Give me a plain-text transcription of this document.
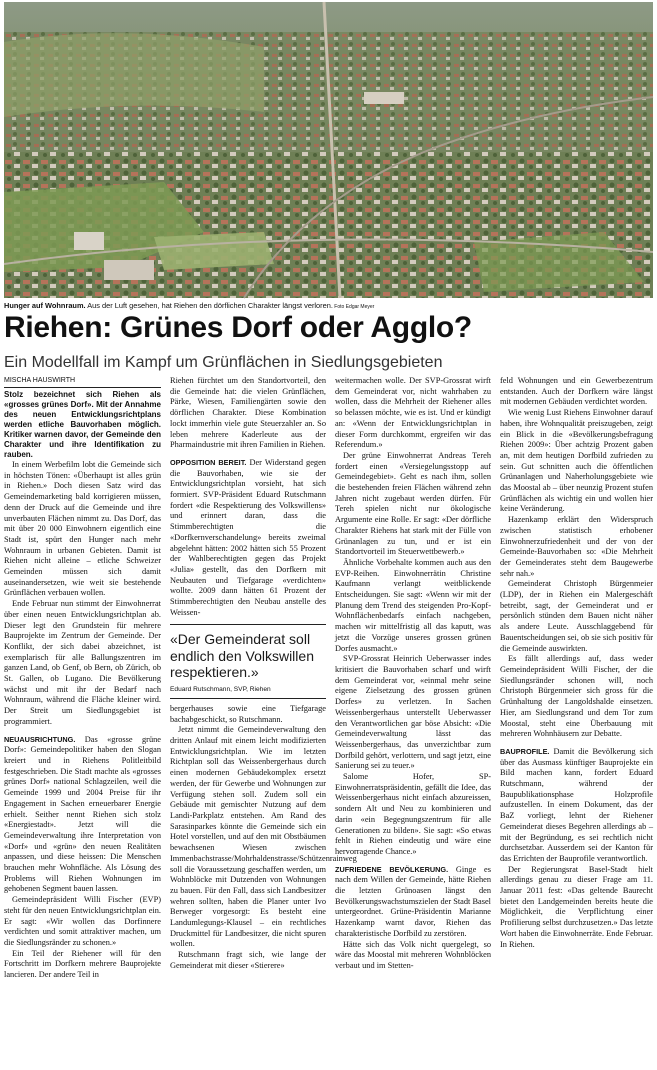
Hunger auf Wohnraum. Aus der Luft gesehen, hat Riehen den dörflichen Charakter längst verloren. Foto Edgar Meyer
Riehen: Grünes Dorf oder Agglo?
Ein Modellfall im Kampf um Grünflächen in Siedlungsgebieten
MISCHA HAUSWIRTH

Stolz bezeichnet sich Riehen als «grosses grünes Dorf». Mit der Annahme des neuen Entwicklungsrichtplans werden etliche Bauvorhaben möglich. Kritiker warnen davor, der Gemeinde den Charakter und ihre Identifikation zu rauben.

In einem Werbefilm lobt die Gemeinde sich in höchsten Tönen: «Überhaupt ist alles grün in Riehen.» Doch diesen Satz wird das Gemeindemarketing bald korrigieren müssen, denn der Druck auf die Gemeinde und ihre unverbauten Flächen nimmt zu. Das Dorf, das mit über 20 000 Einwohnern eigentlich eine Stadt ist, spürt den Hunger nach mehr Wohnraum in urbanen Gebieten. Damit ist Riehen nicht alleine – etliche Schweizer Gemeinden müssen sich damit auseinandersetzen, wie weit sie bestehende Grünflächen verbauen wollen.

Ende Februar nun stimmt der Einwohnerrat über einen neuen Entwicklungsrichtplan ab. Dieser legt den Grundstein für mehrere Bauprojekte im Zentrum der Gemeinde. Der Konflikt, der sich dabei abzeichnet, ist exemplarisch für alle Ballungszentren im ganzen Land, ob Genf, ob Bern, ob Zürich, ob St. Gallen, ob Lugano. Die Bevölkerung wächst und mit ihr der Bedarf nach Wohnraum, während die Fläche kleiner wird. Der Streit um Siedlungsgebiet ist programmiert.

NEUAUSRICHTUNG. Das «grosse grüne Dorf»: Gemeindepolitiker haben den Slogan kreiert und in Riehens Politleitbild festgeschrieben. Die Stadt machte als «grosses grünes Dorf» national Schlagzeilen, weil die Gemeinde 1999 und 2004 Preise für ihr Engagement in Sachen erneuerbarer Energie erhielt. Seither nennt Riehen sich stolz «Energiestadt». Jetzt will die Gemeindeverwaltung ihre Interpretation von «Dorf» und «grün» den neuen Realitäten anpassen, und diese heissen: Die Menschen brauchen mehr Wohnfläche. Als Lösung des Problems will Riehen Wohnungen im gehobenen Segment bauen lassen.

Gemeindepräsident Willi Fischer (EVP) steht für den neuen Entwicklungsrichtplan ein. Er sagt: «Wir wollen das Dorfinnere verdichten und somit attraktiver machen, um die Siedlungsränder zu schonen.»

Ein Teil der Riehener will für den Fortschritt im Dorfkern mehrere Bauprojekte lancieren. Der andere Teil in

Riehen fürchtet um den Standortvorteil, den die Gemeinde hat: die vielen Grünflächen, Pärke, Wiesen, Familiengärten sowie den dörflichen Charakter. Diese Kombination lockt immerhin viele gute Steuerzahler an. So leben mehrere Kaderleute aus der Pharmaindustrie mit ihren Familien in Riehen.

OPPOSITION BEREIT. Der Widerstand gegen die Bauvorhaben, wie sie der Entwicklungsrichtplan vorsieht, hat sich formiert. SVP-Präsident Eduard Rutschmann fordert «die Respektierung des Volkswillens» und erinnert daran, dass die Stimmberechtigten die «Dorfkernverschandelung» bereits zweimal abgelehnt hätten: 2002 hätten sich 55 Prozent der Wahlberechtigten gegen das Projekt «Julia» gestellt, das den Dorfkern mit Neubauten und Tiefgarage «verdichten» wollte. 2009 dann hätten 61 Prozent der Stimmberechtigten den Neubau anstelle des Weissen-

«Der Gemeinderat soll endlich den Volkswillen respektieren.»
Eduard Rutschmann, SVP, Riehen

bergerhauses sowie eine Tiefgarage bachabgeschickt, so Rutschmann.

Jetzt nimmt die Gemeindeverwaltung den dritten Anlauf mit einem leicht modifizierten Entwicklungsrichtplan. Wie im letzten Richtplan soll das Weissenbergerhaus durch einen modernen Gebäudekomplex ersetzt werden, der für Gewerbe und Wohnungen zur Verfügung stehen soll. Zudem soll ein Gebäude mit gemischter Nutzung auf dem Landi-Parkplatz entstehen. Am Rand des Sarasinparkes könnte die Gemeinde sich ein Hotel vorstellen, und auf den mit Obstbäumen bewachsenen Wiesen zwischen Immenbachstrasse/Mohrhaldenstrasse/Schützenrainweg soll die Voraussetzung geschaffen werden, um Wohnblöcke mit Dutzenden von Wohnungen zu bauen. Für den Fall, dass sich Landbesitzer wehren sollten, haben die Planer unter Ivo Berweger vorgesorgt: Es besteht eine Landumlegungs-Klausel – ein rechtliches Druckmittel für Landbesitzer, die nicht spuren wollen.

Rutschmann fragt sich, wie lange der Gemeinderat mit dieser «Stierere»

weitermachen wolle. Der SVP-Grossrat wirft dem Gemeinderat vor, nicht wahrhaben zu wollen, dass die Mehrheit der Riehener alles so belassen möchte, wie es ist. Und er kündigt an: «Wenn der Entwicklungsrichtplan in dieser Form durchkommt, ergreifen wir das Referendum.»

Der grüne Einwohnerrat Andreas Tereh fordert einen «Versiegelungsstopp auf Gemeindegebiet». Geht es nach ihm, sollen die bestehenden freien Flächen während zehn Jahren nicht zugebaut werden dürfen. Für Tereh spielen nicht nur ökologische Argumente eine Rolle. Er sagt: «Der dörfliche Charakter Riehens hat stark mit der Fülle von Grünanlagen zu tun, und er ist ein Standortvorteil im Steuerwettbewerb.»

Ähnliche Vorbehalte kommen auch aus den EVP-Reihen. Einwohnerrätin Christine Kaufmann verlangt weitblickende Entscheidungen. Sie sagt: «Wenn wir mit der Planung dem Trend des steigenden Pro-Kopf-Wohnflächenbedarfs einfach nachgeben, machen wir mittelfristig all das kaputt, was jetzt die Vorzüge unseres grossen grünen Dorfes ausmacht.»

SVP-Grossrat Heinrich Ueberwasser indes kritisiert die Bauvorhaben scharf und wirft dem Gemeinderat vor, «einmal mehr seine eigene Zielsetzung des grossen grünen Dorfes» zu verletzen. In Sachen Weissenbergerhaus unterstellt Ueberwasser den Verantwortlichen gar böse Absicht: «Die Gemeindeverwaltung lässt das Weissenbergerhaus, das unverzichtbar zum Dorfbild gehört, verlottern, und sagt jetzt, eine Sanierung sei zu teuer.»

Salome Hofer, SP-Einwohnerratspräsidentin, gefällt die Idee, das Weissenbergerhaus nicht einfach abzureissen, sondern Alt und Neu zu kombinieren und darin «ein Begegnungszentrum für alle Generationen zu bilden». Sie sagt: «So etwas fehlt in Riehen eindeutig und wäre eine hervorragende Chance.»

ZUFRIEDENE BEVÖLKERUNG. Ginge es nach dem Willen der Gemeinde, hätte Riehen die letzten Grünoasen längst den Bevölkerungswachstumszielen der Stadt Basel untergeordnet. Grüne-Präsidentin Marianne Hazenkamp warnt davor, Riehen das charakteristische Dorfbild zu zerstören.

Hätte sich das Volk nicht quergelegt, so wäre das Moostal mit mehreren Wohnblöcken verbaut und im Stetten-

feld Wohnungen und ein Gewerbezentrum entstanden. Auch der Dorfkern wäre längst mit modernen Gebäuden verdichtet worden.

Wie wenig Lust Riehens Einwohner darauf haben, ihre Wohnqualität preiszugeben, zeigt ein Blick in die «Bevölkerungsbefragung Riehen 2009»: Über achtzig Prozent gaben an, mit dem heutigen Dorfbild zufrieden zu sein. Gut schnitten auch die öffentlichen Grünanlagen und Naherholungsgebiete wie das Moostal ab – über neunzig Prozent stufen Grünflächen als wichtig ein und wollen hier keine Veränderung.

Hazenkamp erklärt den Widerspruch zwischen statistisch erhobener Einwohnerzufriedenheit und der von der Gemeinde-Bauvorhaben so: «Die Mehrheit der Gemeinderates steht dem Baugewerbe sehr nah.»

Gemeinderat Christoph Bürgenmeier (LDP), der in Riehen ein Malergeschäft betreibt, sagt, der Gemeinderat und er persönlich stünden dem Bauen nicht näher als andere Leute. Ausschlaggebend für Bauentscheidungen sei, ob sie sich positiv für die Gemeinde auswirkten.

Es fällt allerdings auf, dass weder Gemeindepräsident Willi Fischer, der die Siedlungsränder schonen will, noch Christoph Bürgenmeier sich gross für die Grünhaltung der Langoldshalde einsetzen. Hier, am Siedlungsrand und dem Tor zum Moostal, steht eine Überbauung mit mehreren Wohnhäusern zur Debatte.

BAUPROFILE. Damit die Bevölkerung sich über das Ausmass künftiger Bauprojekte ein Bild machen kann, fordert Eduard Rutschmann, während der Baupublikationsphase Holzprofile aufzustellen. In einem Dokument, das der BaZ vorliegt, lehnt der Riehener Gemeinderat dieses Begehren allerdings ab – mit der Begründung, es sei rechtlich nicht durchsetzbar. Ausserdem sei der Kanton für das Errichten der Bauprofile verantwortlich.

Der Regierungsrat Basel-Stadt hielt allerdings genau zu dieser Frage am 11. Januar 2011 fest: «Das geltende Baurecht bietet den Landgemeinden bereits heute die Möglichkeit, die Verpflichtung einer Profilierung selbst durchzusetzen.» Das letzte Wort haben die Einwohnerräte. Ende Februar. In Riehen.
